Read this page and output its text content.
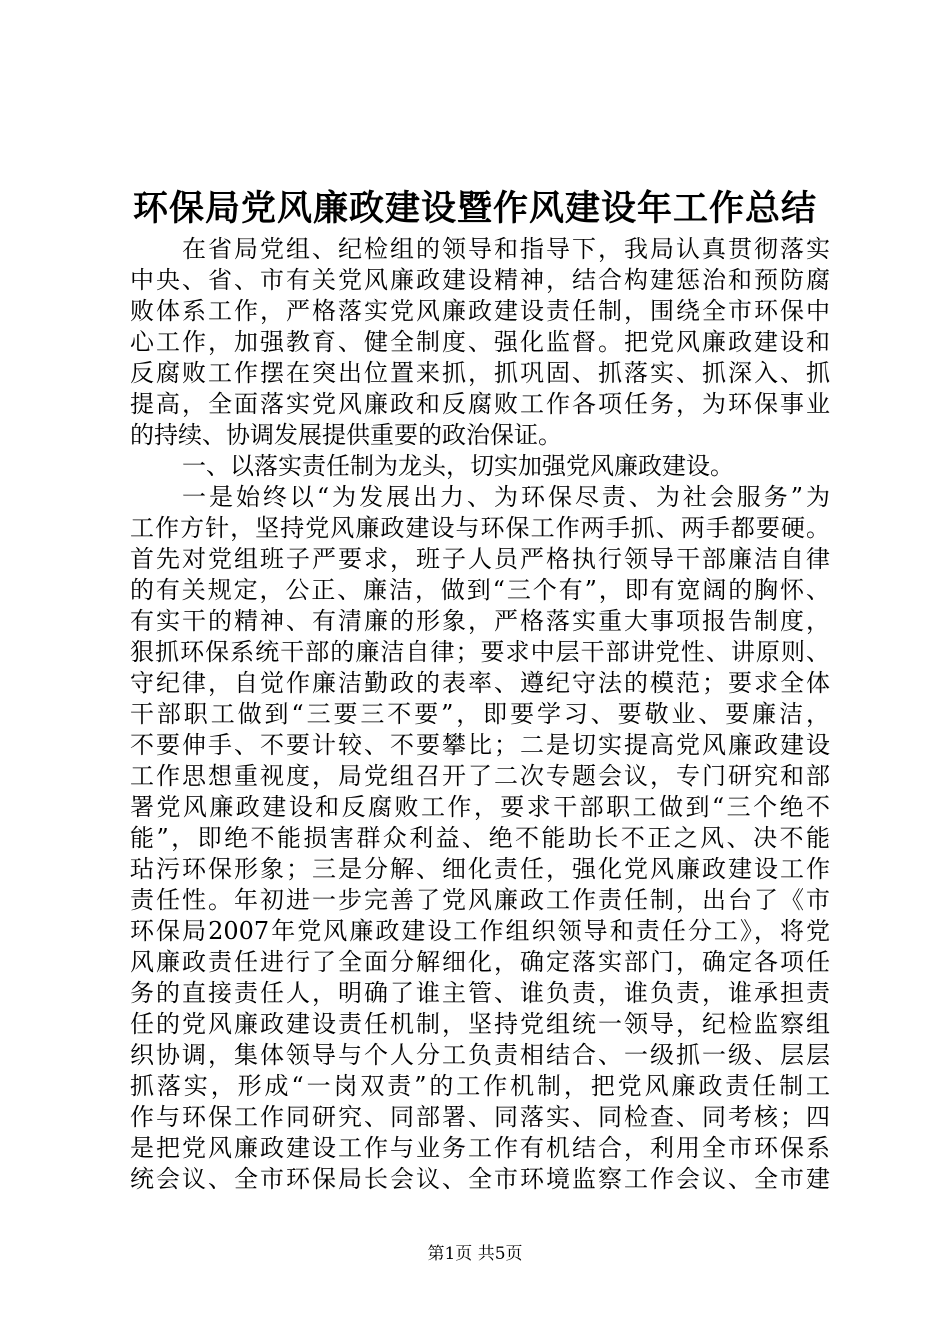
环保局党风廉政建设暨作风建设年工作总结
在省局党组、纪检组的领导和指导下，我局认真贯彻落实
中央、省、市有关党风廉政建设精神，结合构建惩治和预防腐
败体系工作，严格落实党风廉政建设责任制，围绕全市环保中
心工作，加强教育、健全制度、强化监督。把党风廉政建设和
反腐败工作摆在突出位置来抓，抓巩固、抓落实、抓深入、抓
提高，全面落实党风廉政和反腐败工作各项任务，为环保事业
的持续、协调发展提供重要的政治保证。
一、以落实责任制为龙头，切实加强党风廉政建设。
一是始终以“为发展出力、为环保尽责、为社会服务”为
工作方针，坚持党风廉政建设与环保工作两手抓、两手都要硬。
首先对党组班子严要求，班子人员严格执行领导干部廉洁自律
的有关规定，公正、廉洁，做到“三个有”，即有宽阔的胸怀、
有实干的精神、有清廉的形象，严格落实重大事项报告制度，
狠抓环保系统干部的廉洁自律；要求中层干部讲党性、讲原则、
守纪律，自觉作廉洁勤政的表率、遵纪守法的模范；要求全体
干部职工做到“三要三不要”，即要学习、要敬业、要廉洁，
不要伸手、不要计较、不要攀比；二是切实提高党风廉政建设
工作思想重视度，局党组召开了二次专题会议，专门研究和部
署党风廉政建设和反腐败工作，要求干部职工做到“三个绝不
能”，即绝不能损害群众利益、绝不能助长不正之风、决不能
玷污环保形象；三是分解、细化责任，强化党风廉政建设工作
责任性。年初进一步完善了党风廉政工作责任制，出台了《市
环保局2007年党风廉政建设工作组织领导和责任分工》，将党
风廉政责任进行了全面分解细化，确定落实部门，确定各项任
务的直接责任人，明确了谁主管、谁负责，谁负责，谁承担责
任的党风廉政建设责任机制，坚持党组统一领导，纪检监察组
织协调，集体领导与个人分工负责相结合、一级抓一级、层层
抓落实，形成“一岗双责”的工作机制，把党风廉政责任制工
作与环保工作同研究、同部署、同落实、同检查、同考核；四
是把党风廉政建设工作与业务工作有机结合，利用全市环保系
统会议、全市环保局长会议、全市环境监察工作会议、全市建
第1页 共5页
